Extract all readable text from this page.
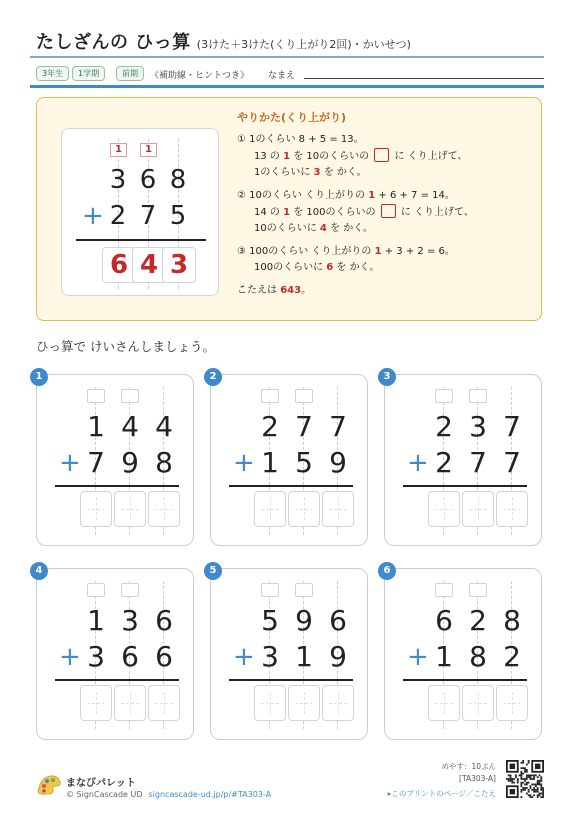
たしざんの ひっ算 (3けた＋3けた(くり上がり2回)・かいせつ)
3年生	1学期	前期	《補助線・ヒントつき》 なまえ
1	1
3 6 8
+ 2 7 5
6 4 3
やりかた(くり上がり)

① 1のくらい 8 + 5 = 13。

13 の 1 を 10のくらいの  に くり上げて、

1のくらいに 3 を かく。

② 10のくらい くり上がりの 1 + 6 + 7 = 14。

14 の 1 を 100のくらいの  に くり上げて、

10のくらいに 4 を かく。

③ 100のくらい くり上がりの 1 + 3 + 2 = 6。

100のくらいに 6 を かく。

こたえは 643。

ひっ算で けいさんしましょう。
1
1 4 4
+ 7 9 8
2
2 7 7
+ 1 5 9
3
2 3 7
+ 2 7 7
4
1 3 6
+ 3 6 6
5
5 9 6
+ 3 1 9
6
6 2 8
+ 1 8 2
まなびパレット
© SignCascade UD signcascade-ud.jp/p/#TA303-A
めやす：10ぷん
[TA303-A]
▸このプリントのページ／こたえ
